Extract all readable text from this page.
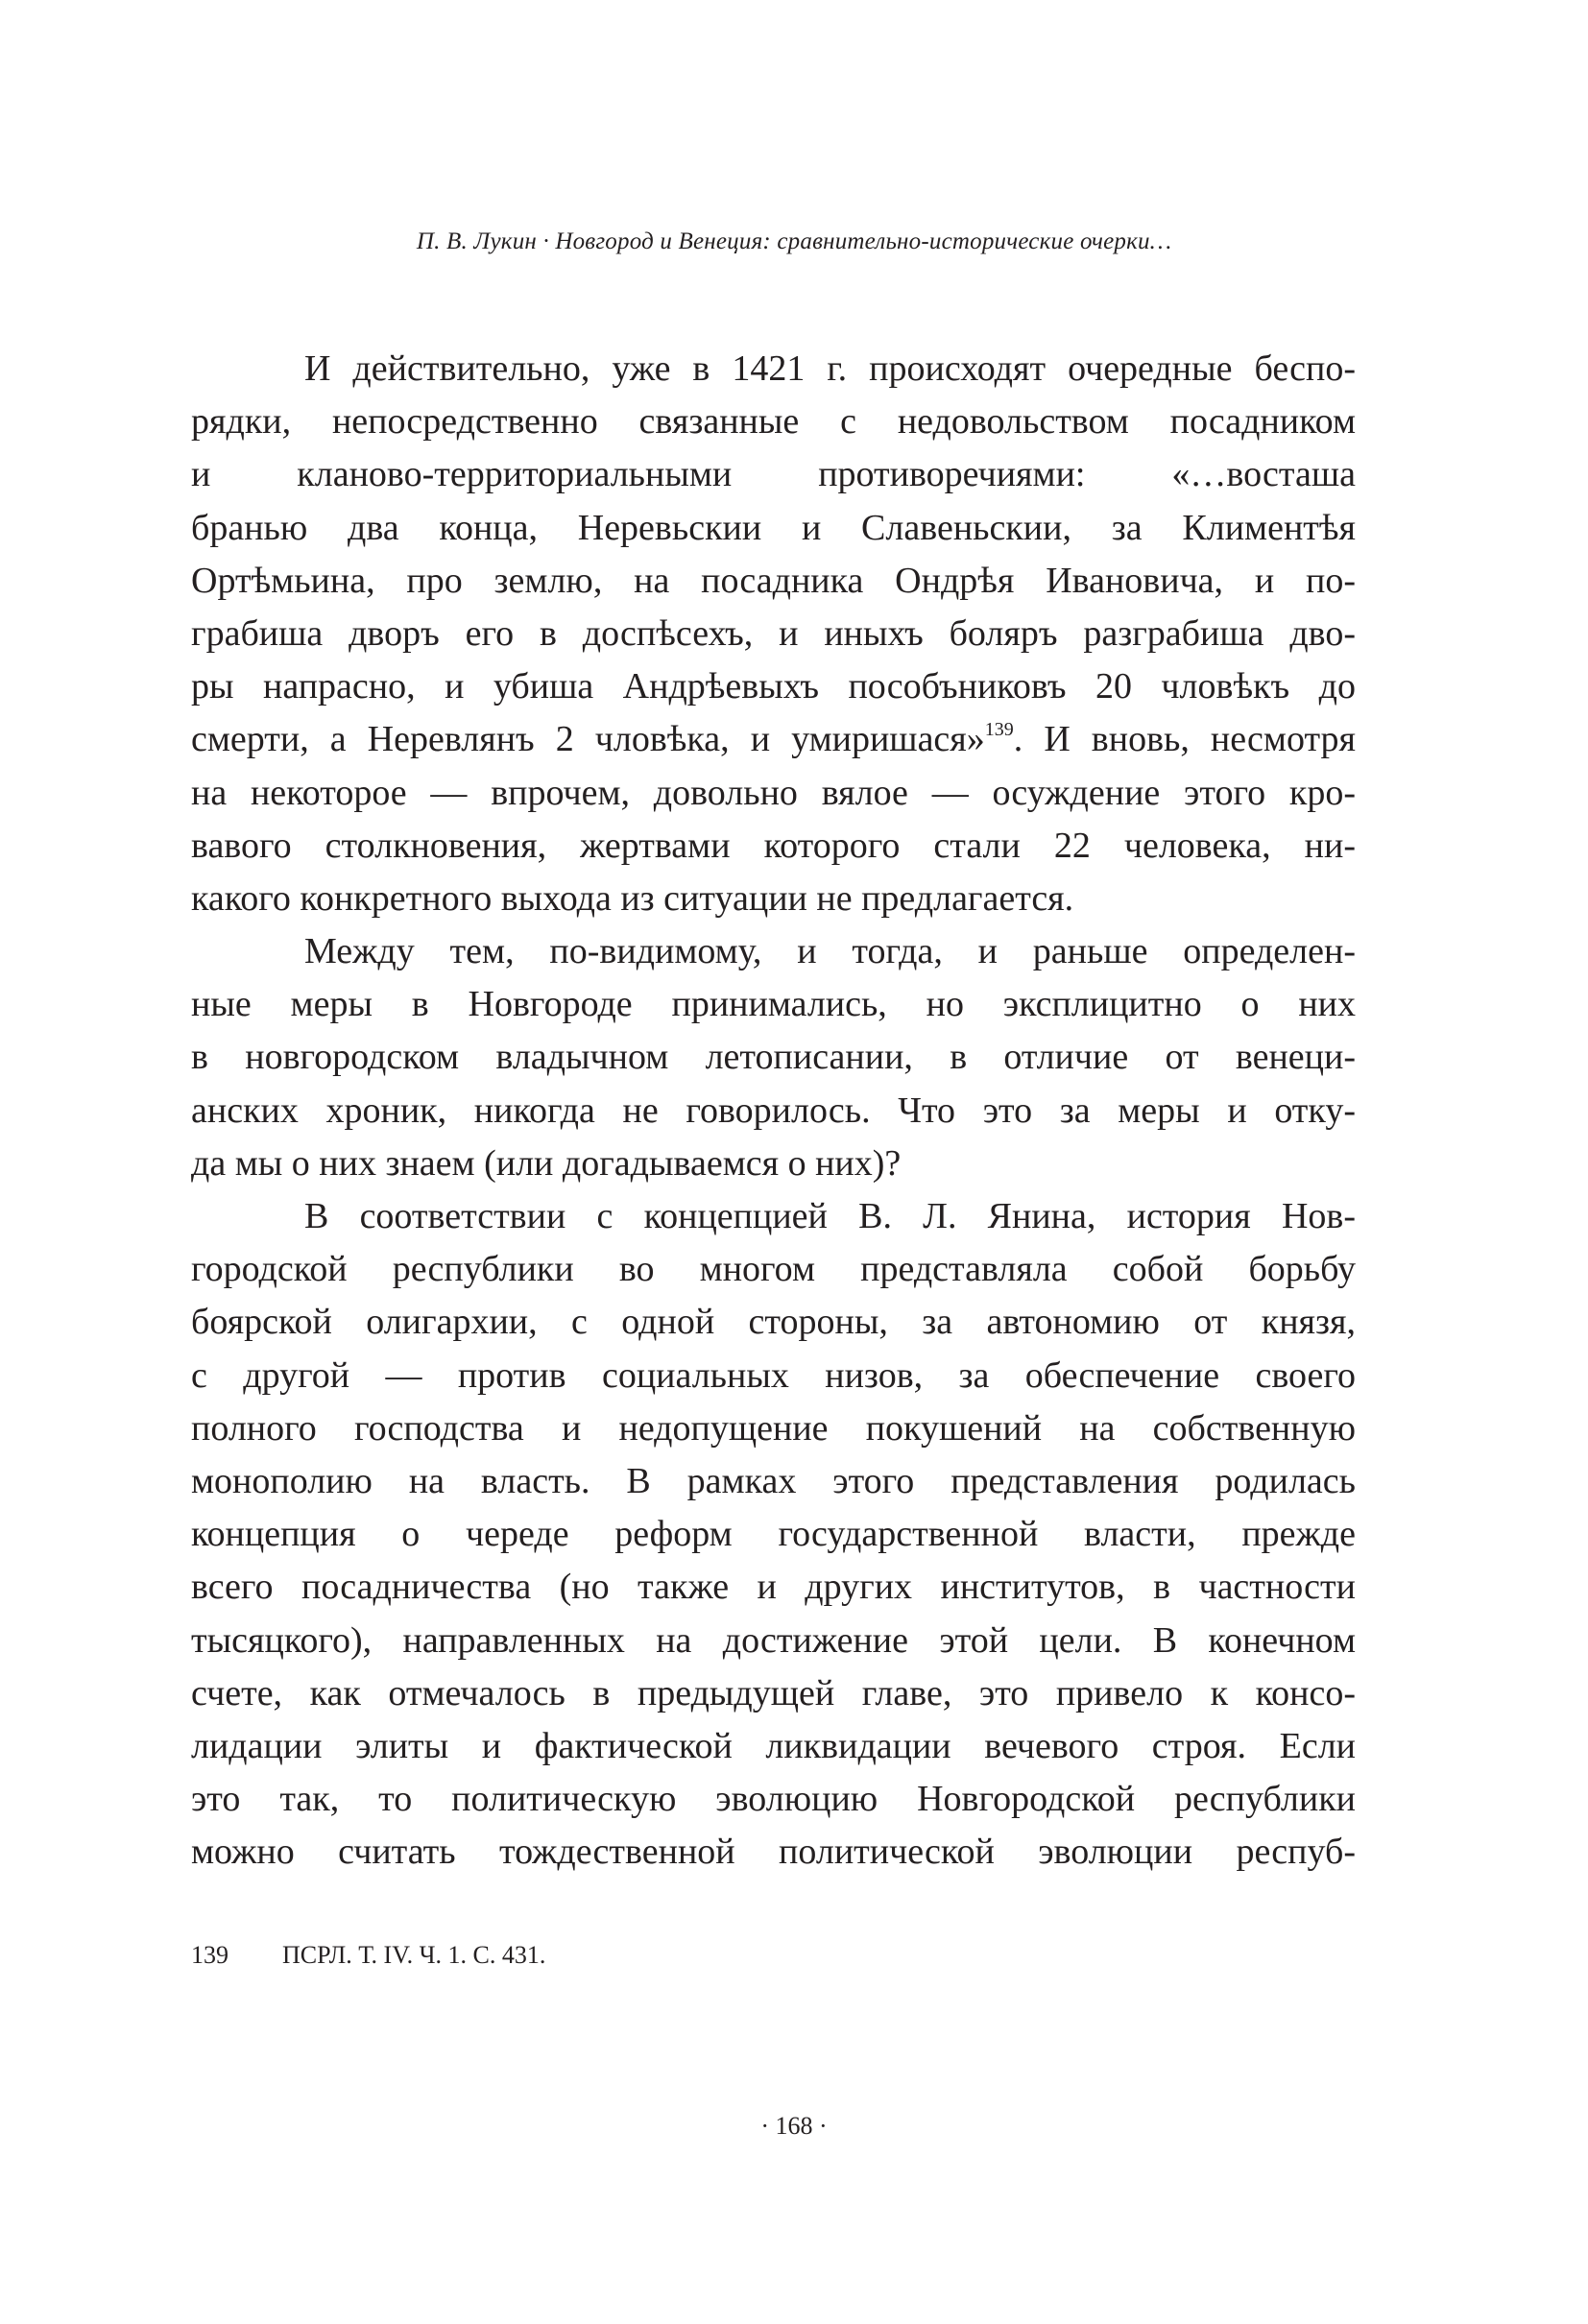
П. В. Лукин · Новгород и Венеция: сравнительно-исторические очерки…
И действительно, уже в 1421 г. происходят очередные беспо-
рядки, непосредственно связанные с недовольством посадником
и кланово-территориальными противоречиями: «…восташа
бранью два конца, Неревьскии и Славеньскии, за Климентѣя
Ортѣмьина, про землю, на посадника Ондрѣя Ивановича, и по-
грабиша дворъ его в доспѣсехъ, и иныхъ боляръ разграбиша дво-
ры напрасно, и убиша Андрѣевыхъ пособъниковъ 20 чловѣкъ до
смерти, а Неревлянъ 2 чловѣка, и умиришася»$^{139}$. И вновь, несмотря
на некоторое — впрочем, довольно вялое — осуждение этого кро-
вавого столкновения, жертвами которого стали 22 человека, ни-
какого конкретного выхода из ситуации не предлагается.
Между тем, по-видимому, и тогда, и раньше определен-
ные меры в Новгороде принимались, но эксплицитно о них
в новгородском владычном летописании, в отличие от венеци-
анских хроник, никогда не говорилось. Что это за меры и отку-
да мы о них знаем (или догадываемся о них)?
В соответствии с концепцией В. Л. Янина, история Нов-
городской республики во многом представляла собой борьбу
боярской олигархии, с одной стороны, за автономию от князя,
с другой — против социальных низов, за обеспечение своего
полного господства и недопущение покушений на собственную
монополию на власть. В рамках этого представления родилась
концепция о череде реформ государственной власти, прежде
всего посадничества (но также и других институтов, в частности
тысяцкого), направленных на достижение этой цели. В конечном
счете, как отмечалось в предыдущей главе, это привело к консо-
лидации элиты и фактической ликвидации вечевого строя. Если
это так, то политическую эволюцию Новгородской республики
можно считать тождественной политической эволюции респуб-
139 ПСРЛ. Т. IV. Ч. 1. С. 431.
· 168 ·
